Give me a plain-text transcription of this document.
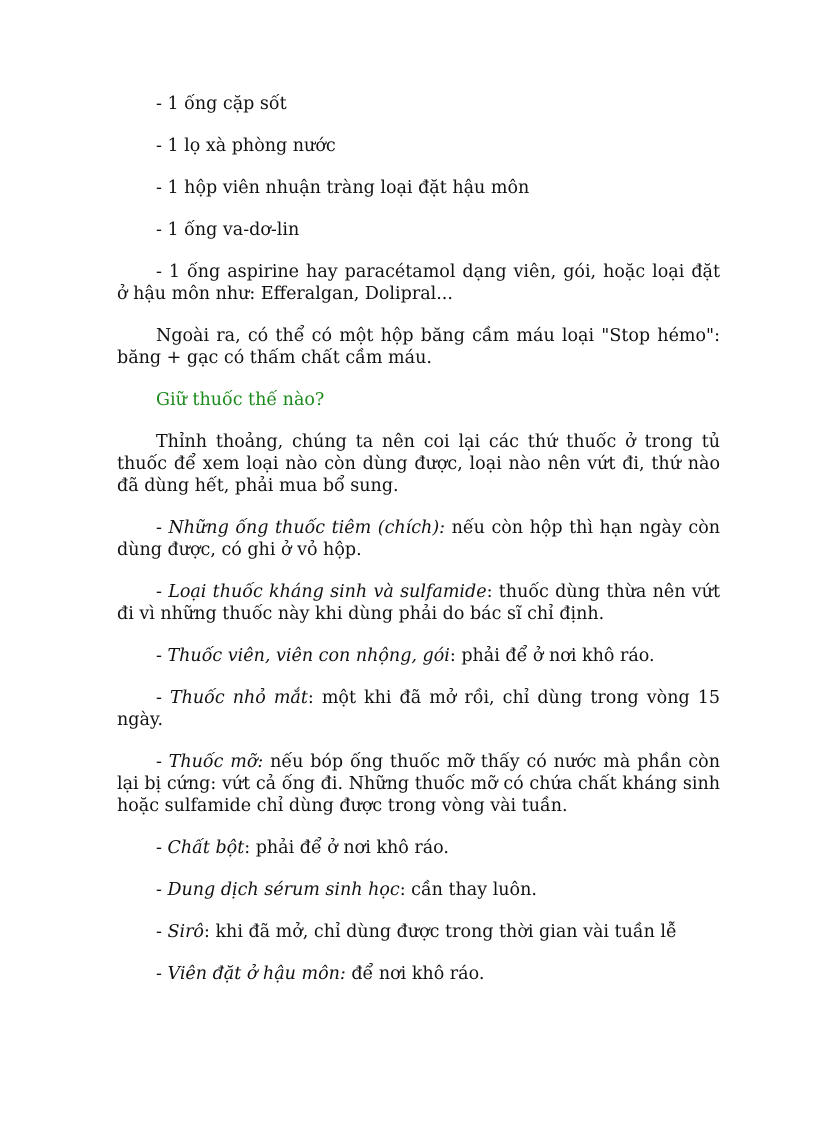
- 1 ống cặp sốt

- 1 lọ xà phòng nước

- 1 hộp viên nhuận tràng loại đặt hậu môn

- 1 ống va-dơ-lin

- 1 ống aspirine hay paracétamol dạng viên, gói, hoặc loại đặt ở hậu môn như: Efferalgan, Dolipral...

Ngoài ra, có thể có một hộp băng cầm máu loại "Stop hémo": băng + gạc có thấm chất cầm máu.

Giữ thuốc thế nào?

Thỉnh thoảng, chúng ta nên coi lại các thứ thuốc ở trong tủ thuốc để xem loại nào còn dùng được, loại nào nên vứt đi, thứ nào đã dùng hết, phải mua bổ sung.

- Những ống thuốc tiêm (chích): nếu còn hộp thì hạn ngày còn dùng được, có ghi ở vỏ hộp.

- Loại thuốc kháng sinh và sulfamide: thuốc dùng thừa nên vứt đi vì những thuốc này khi dùng phải do bác sĩ chỉ định.

- Thuốc viên, viên con nhộng, gói: phải để ở nơi khô ráo.

- Thuốc nhỏ mắt: một khi đã mở rồi, chỉ dùng trong vòng 15 ngày.

- Thuốc mỡ: nếu bóp ống thuốc mỡ thấy có nước mà phần còn lại bị cứng: vứt cả ống đi. Những thuốc mỡ có chứa chất kháng sinh hoặc sulfamide chỉ dùng được trong vòng vài tuần.

- Chất bột: phải để ở nơi khô ráo.

- Dung dịch sérum sinh học: cần thay luôn.

- Sirô: khi đã mở, chỉ dùng được trong thời gian vài tuần lễ

- Viên đặt ở hậu môn: để nơi khô ráo.
